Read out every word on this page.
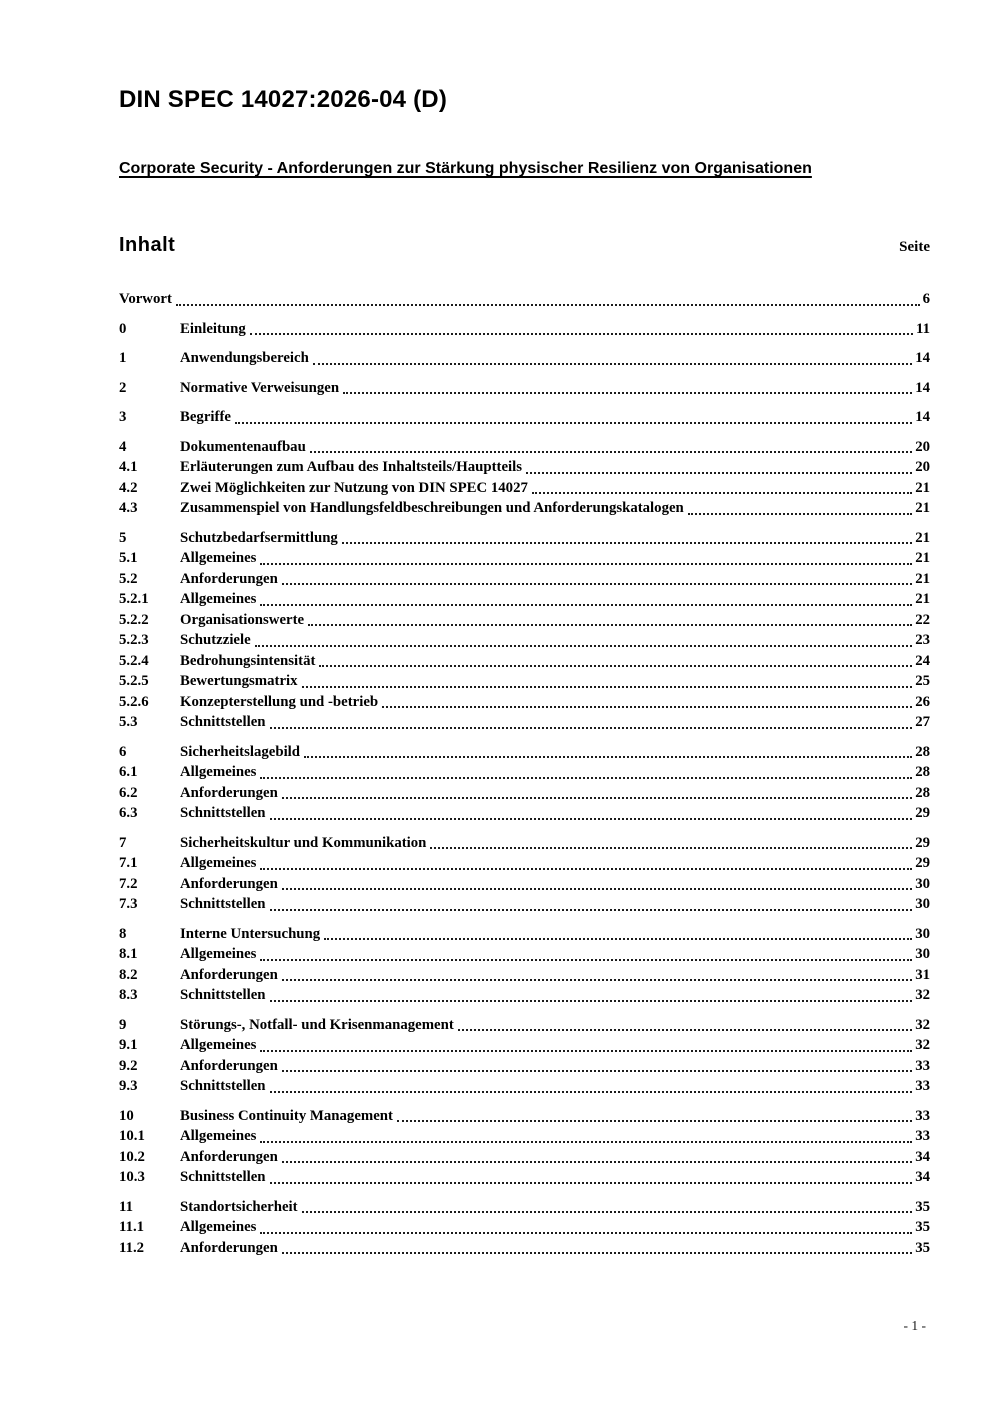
DIN SPEC 14027:2026-04 (D)
Corporate Security - Anforderungen zur Stärkung physischer Resilienz von Organisationen
Inhalt	Seite
Vorwort	6
0	Einleitung	11
1	Anwendungsbereich	14
2	Normative Verweisungen	14
3	Begriffe	14
4	Dokumentenaufbau	20
4.1	Erläuterungen zum Aufbau des Inhaltsteils/Hauptteils	20
4.2	Zwei Möglichkeiten zur Nutzung von DIN SPEC 14027	21
4.3	Zusammenspiel von Handlungsfeldbeschreibungen und Anforderungskatalogen	21
5	Schutzbedarfsermittlung	21
5.1	Allgemeines	21
5.2	Anforderungen	21
5.2.1	Allgemeines	21
5.2.2	Organisationswerte	22
5.2.3	Schutzziele	23
5.2.4	Bedrohungsintensität	24
5.2.5	Bewertungsmatrix	25
5.2.6	Konzepterstellung und -betrieb	26
5.3	Schnittstellen	27
6	Sicherheitslagebild	28
6.1	Allgemeines	28
6.2	Anforderungen	28
6.3	Schnittstellen	29
7	Sicherheitskultur und Kommunikation	29
7.1	Allgemeines	29
7.2	Anforderungen	30
7.3	Schnittstellen	30
8	Interne Untersuchung	30
8.1	Allgemeines	30
8.2	Anforderungen	31
8.3	Schnittstellen	32
9	Störungs-, Notfall- und Krisenmanagement	32
9.1	Allgemeines	32
9.2	Anforderungen	33
9.3	Schnittstellen	33
10	Business Continuity Management	33
10.1	Allgemeines	33
10.2	Anforderungen	34
10.3	Schnittstellen	34
11	Standortsicherheit	35
11.1	Allgemeines	35
11.2	Anforderungen	35
- 1 -
